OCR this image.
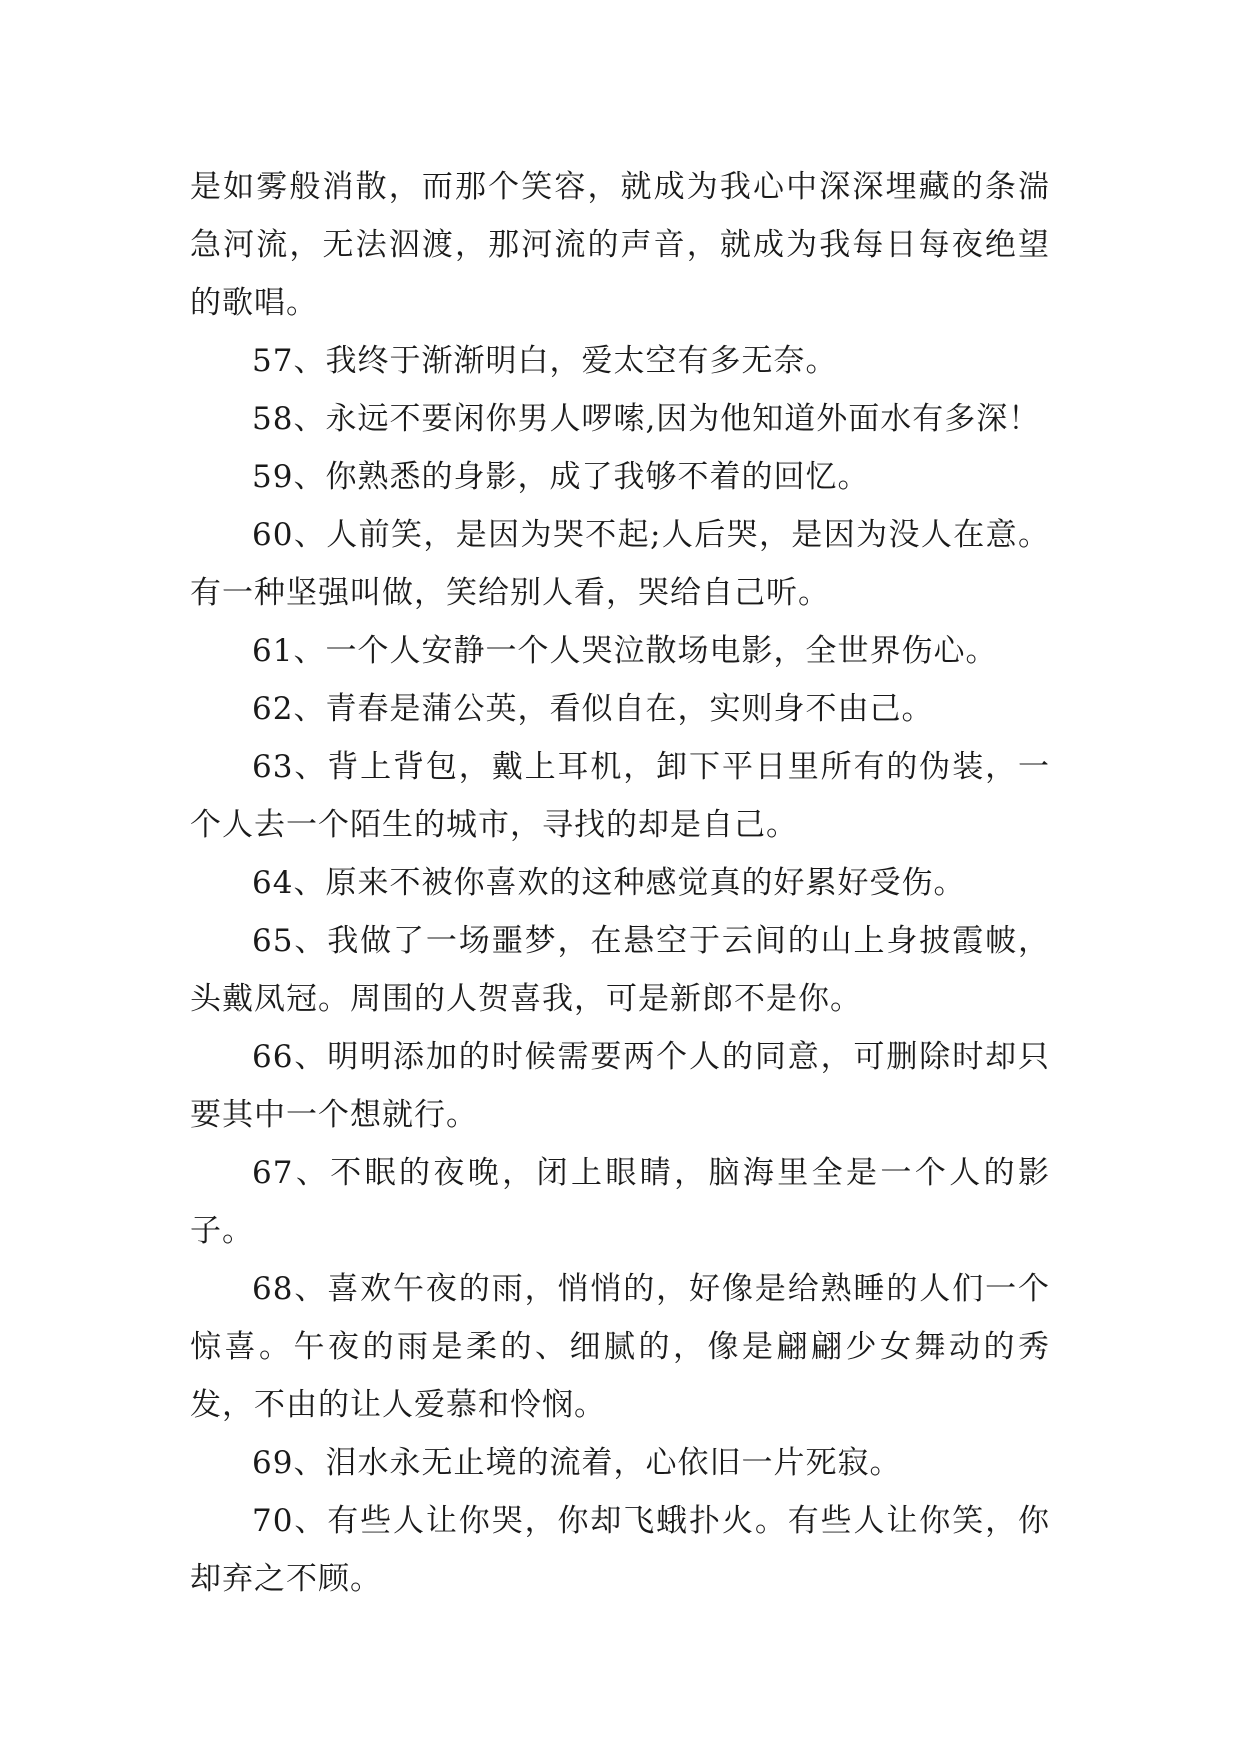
是如雾般消散，而那个笑容，就成为我心中深深埋藏的条湍急河流，无法泅渡，那河流的声音，就成为我每日每夜绝望的歌唱。

57、我终于渐渐明白，爱太空有多无奈。

58、永远不要闲你男人啰嗦,因为他知道外面水有多深！

59、你熟悉的身影，成了我够不着的回忆。

60、人前笑，是因为哭不起;人后哭，是因为没人在意。有一种坚强叫做，笑给别人看，哭给自己听。

61、一个人安静一个人哭泣散场电影，全世界伤心。

62、青春是蒲公英，看似自在，实则身不由己。

63、背上背包，戴上耳机，卸下平日里所有的伪装，一个人去一个陌生的城市，寻找的却是自己。

64、原来不被你喜欢的这种感觉真的好累好受伤。

65、我做了一场噩梦，在悬空于云间的山上身披霞帔，头戴凤冠。周围的人贺喜我，可是新郎不是你。

66、明明添加的时候需要两个人的同意，可删除时却只要其中一个想就行。

67、不眠的夜晚，闭上眼睛，脑海里全是一个人的影子。

68、喜欢午夜的雨，悄悄的，好像是给熟睡的人们一个惊喜。午夜的雨是柔的、细腻的，像是翩翩少女舞动的秀发，不由的让人爱慕和怜悯。

69、泪水永无止境的流着，心依旧一片死寂。

70、有些人让你哭，你却飞蛾扑火。有些人让你笑，你却弃之不顾。
